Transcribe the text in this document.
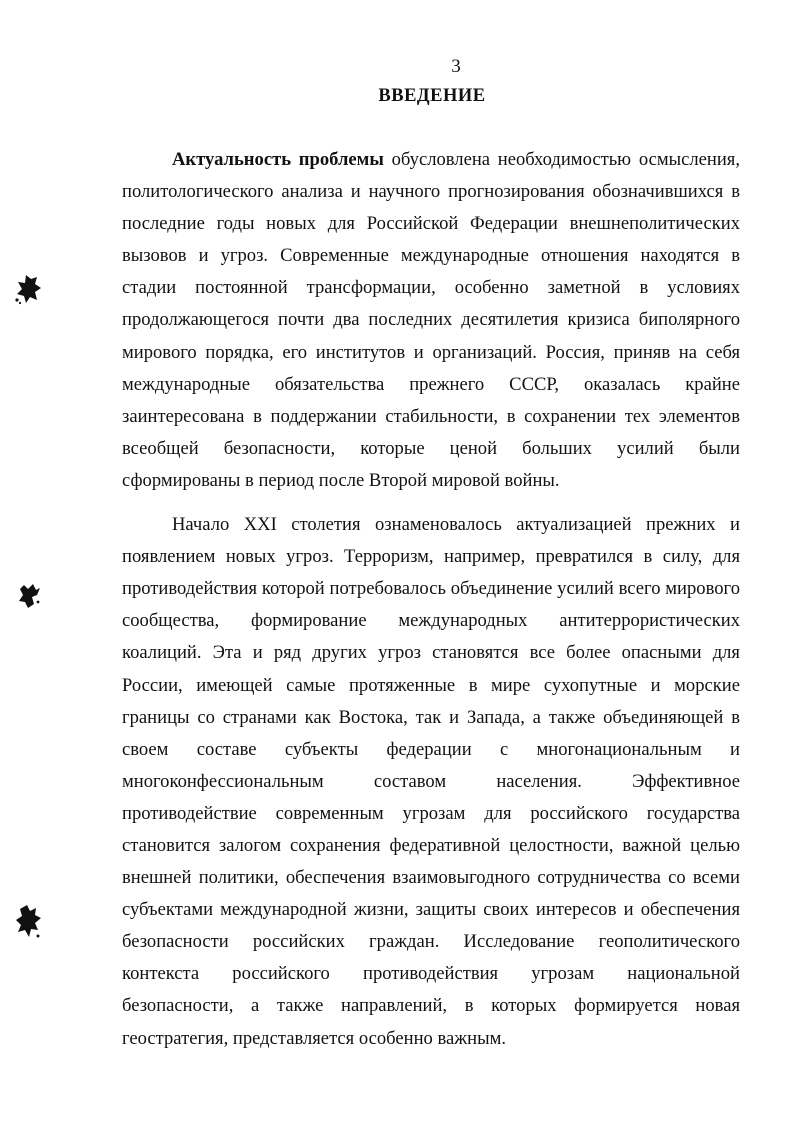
3
ВВЕДЕНИЕ

Актуальность проблемы обусловлена необходимостью осмысления, политологического анализа и научного прогнозирования обозначившихся в последние годы новых для Российской Федерации внешнеполитических вызовов и угроз. Современные международные отношения находятся в стадии постоянной трансформации, особенно заметной в условиях продолжающегося почти два последних десятилетия кризиса биполярного мирового порядка, его институтов и организаций. Россия, приняв на себя международные обязательства прежнего СССР, оказалась крайне заинтересована в поддержании стабильности, в сохранении тех элементов всеобщей безопасности, которые ценой больших усилий были сформированы в период после Второй мировой войны.

Начало XXI столетия ознаменовалось актуализацией прежних и появлением новых угроз. Терроризм, например, превратился в силу, для противодействия которой потребовалось объединение усилий всего мирового сообщества, формирование международных антитеррористических коалиций. Эта и ряд других угроз становятся все более опасными для России, имеющей самые протяженные в мире сухопутные и морские границы со странами как Востока, так и Запада, а также объединяющей в своем составе субъекты федерации с многонациональным и многоконфессиональным составом населения. Эффективное противодействие современным угрозам для российского государства становится залогом сохранения федеративной целостности, важной целью внешней политики, обеспечения взаимовыгодного сотрудничества со всеми субъектами международной жизни, защиты своих интересов и обеспечения безопасности российских граждан. Исследование геополитического контекста российского противодействия угрозам национальной безопасности, а также направлений, в которых формируется новая геостратегия, представляется особенно важным.
